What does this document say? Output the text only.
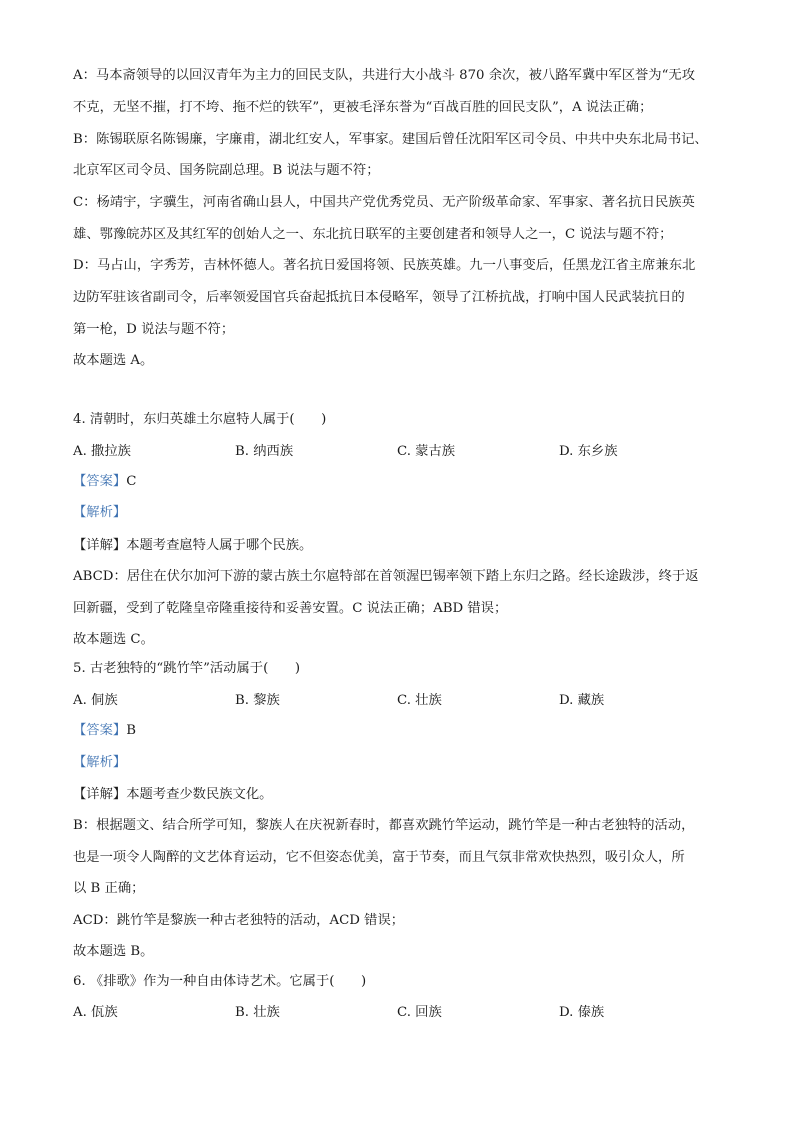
A：马本斋领导的以回汉青年为主力的回民支队，共进行大小战斗 870 余次，被八路军冀中军区誉为“无攻
不克，无坚不摧，打不垮、拖不烂的铁军”，更被毛泽东誉为“百战百胜的回民支队”，A 说法正确；
B：陈锡联原名陈锡廉，字廉甫，湖北红安人，军事家。建国后曾任沈阳军区司令员、中共中央东北局书记、
北京军区司令员、国务院副总理。B 说法与题不符；
C：杨靖宇，字骥生，河南省确山县人，中国共产党优秀党员、无产阶级革命家、军事家、著名抗日民族英
雄、鄂豫皖苏区及其红军的创始人之一、东北抗日联军的主要创建者和领导人之一，C 说法与题不符；
D：马占山，字秀芳，吉林怀德人。著名抗日爱国将领、民族英雄。九一八事变后，任黑龙江省主席兼东北
边防军驻该省副司令，后率领爱国官兵奋起抵抗日本侵略军，领导了江桥抗战，打响中国人民武装抗日的
第一枪，D 说法与题不符；
故本题选 A。
4. 清朝时，东归英雄土尔扈特人属于(　　)
A. 撒拉族	B. 纳西族	C. 蒙古族	D. 东乡族
【答案】C
【解析】
【详解】本题考查扈特人属于哪个民族。
ABCD：居住在伏尔加河下游的蒙古族土尔扈特部在首领渥巴锡率领下踏上东归之路。经长途跋涉，终于返
回新疆，受到了乾隆皇帝隆重接待和妥善安置。C 说法正确；ABD 错误；
故本题选 C。
5. 古老独特的“跳竹竿”活动属于(　　)
A. 侗族	B. 黎族	C. 壮族	D. 藏族
【答案】B
【解析】
【详解】本题考查少数民族文化。
B：根据题文、结合所学可知，黎族人在庆祝新春时，都喜欢跳竹竿运动，跳竹竿是一种古老独特的活动，
也是一项令人陶醉的文艺体育运动，它不但姿态优美，富于节奏，而且气氛非常欢快热烈，吸引众人，所
以 B 正确；
ACD：跳竹竿是黎族一种古老独特的活动，ACD 错误；
故本题选 B。
6. 《排歌》作为一种自由体诗艺术。它属于(　　)
A. 佤族	B. 壮族	C. 回族	D. 傣族
